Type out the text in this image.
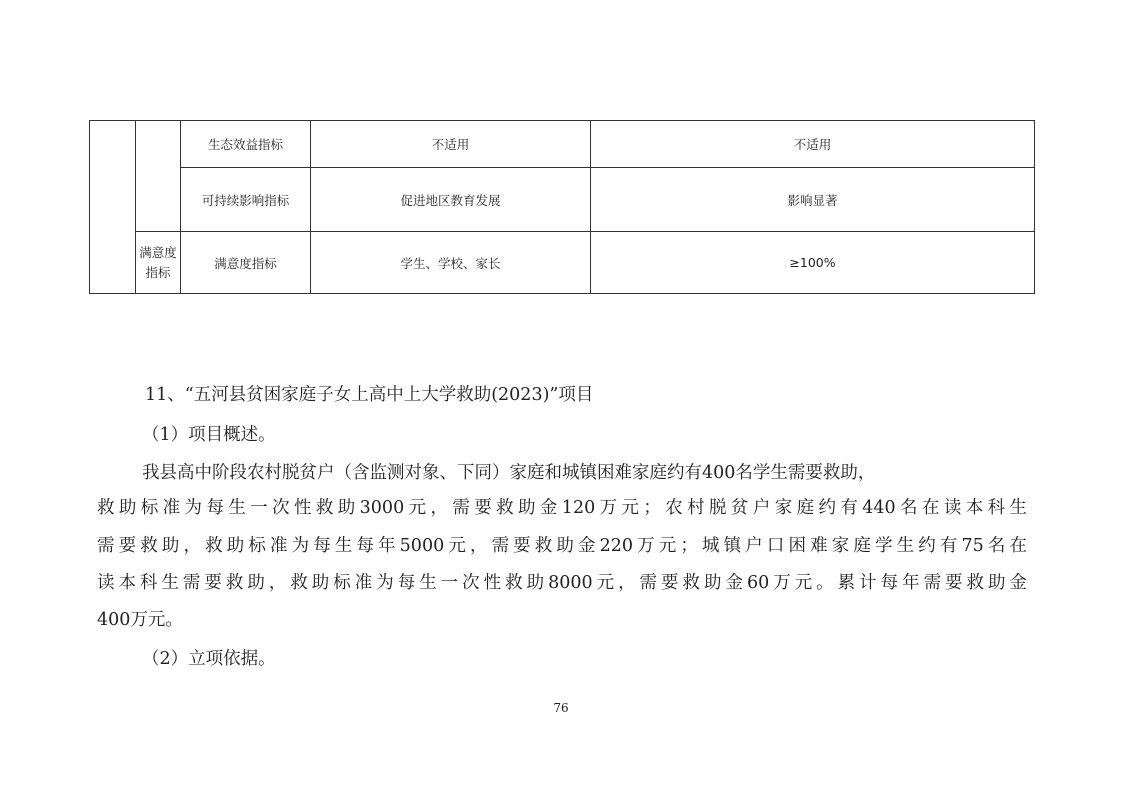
		生态效益指标	不适用	不适用
		可持续影响指标	促进地区教育发展	影响显著
	满意度指标	满意度指标	学生、学校、家长	≥100%
11、“五河县贫困家庭子女上高中上大学救助(2023)”项目
（1）项目概述。
我县高中阶段农村脱贫户（含监测对象、下同）家庭和城镇困难家庭约有400名学生需要救助，
救助标准为每生一次性救助3000元，需要救助金120万元；农村脱贫户家庭约有440名在读本科生
需要救助，救助标准为每生每年5000元，需要救助金220万元；城镇户口困难家庭学生约有75名在
读本科生需要救助，救助标准为每生一次性救助8000元，需要救助金60万元。累计每年需要救助金
400万元。
（2）立项依据。
76
